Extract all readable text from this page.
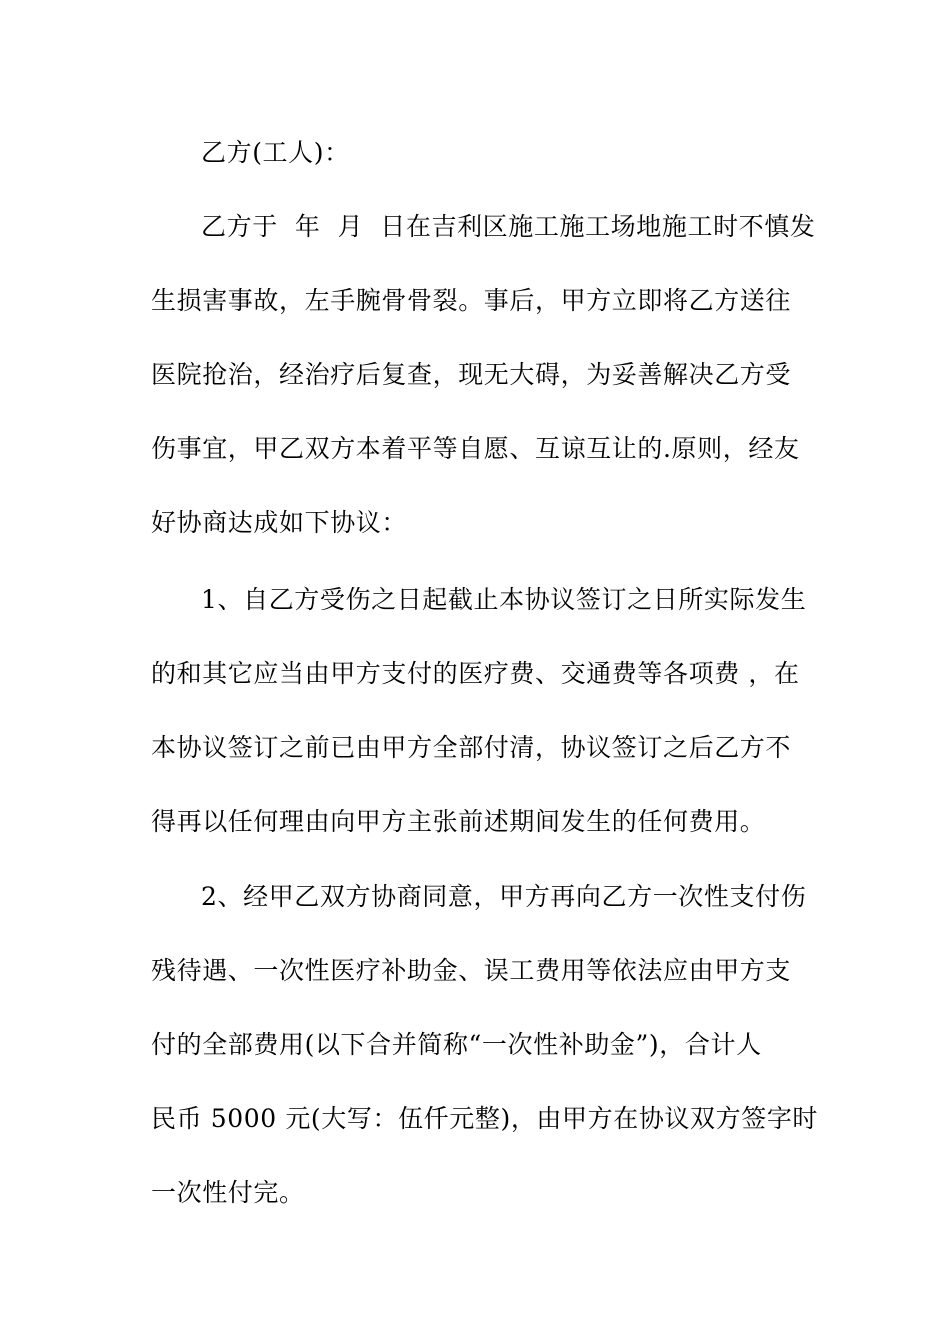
乙方(工人)：
乙方于  年  月  日在吉利区施工施工场地施工时不慎发
生损害事故，左手腕骨骨裂。事后，甲方立即将乙方送往
医院抢治，经治疗后复查，现无大碍，为妥善解决乙方受
伤事宜，甲乙双方本着平等自愿、互谅互让的.原则，经友
好协商达成如下协议：
1、自乙方受伤之日起截止本协议签订之日所实际发生
的和其它应当由甲方支付的医疗费、交通费等各项费 ，在
本协议签订之前已由甲方全部付清，协议签订之后乙方不
得再以任何理由向甲方主张前述期间发生的任何费用。
2、经甲乙双方协商同意，甲方再向乙方一次性支付伤
残待遇、一次性医疗补助金、误工费用等依法应由甲方支
付的全部费用(以下合并简称“一次性补助金”)，合计人
民币 5000 元(大写：伍仟元整)，由甲方在协议双方签字时
一次性付完。
